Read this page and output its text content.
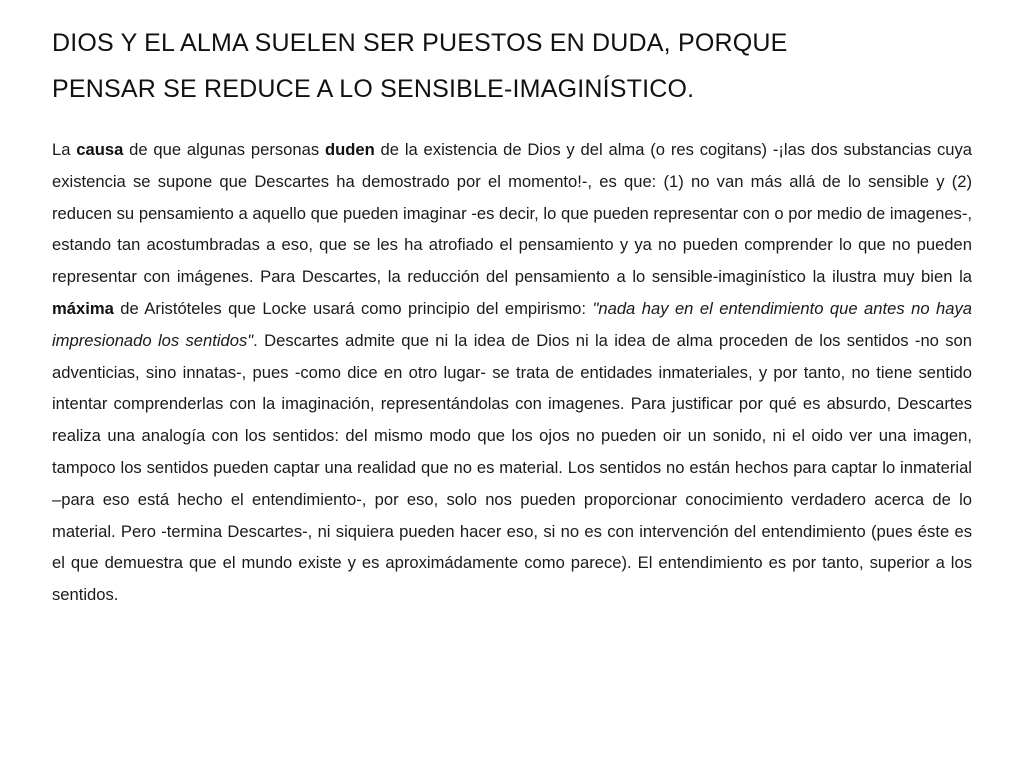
DIOS Y EL ALMA SUELEN SER PUESTOS EN DUDA, PORQUE
PENSAR SE REDUCE A LO SENSIBLE-IMAGINÍSTICO.

La causa de que algunas personas duden de la existencia de Dios y del alma (o res cogitans) -¡las dos substancias cuya existencia se supone que Descartes ha demostrado por el momento!-, es que: (1) no van más allá de lo sensible y (2) reducen su pensamiento a aquello que pueden imaginar -es decir, lo que pueden representar con o por medio de imagenes-, estando tan acostumbradas a eso, que se les ha atrofiado el pensamiento y ya no pueden comprender lo que no pueden representar con imágenes. Para Descartes, la reducción del pensamiento a lo sensible-imaginístico la ilustra muy bien la máxima de Aristóteles que Locke usará como principio del empirismo: "nada hay en el entendimiento que antes no haya impresionado los sentidos". Descartes admite que ni la idea de Dios ni la idea de alma proceden de los sentidos -no son adventicias, sino innatas-, pues -como dice en otro lugar- se trata de entidades inmateriales, y por tanto, no tiene sentido intentar comprenderlas con la imaginación, representándolas con imagenes. Para justificar por qué es absurdo, Descartes realiza una analogía con los sentidos: del mismo modo que los ojos no pueden oir un sonido, ni el oido ver una imagen, tampoco los sentidos pueden captar una realidad que no es material. Los sentidos no están hechos para captar lo inmaterial –para eso está hecho el entendimiento-, por eso, solo nos pueden proporcionar conocimiento verdadero acerca de lo material. Pero -termina Descartes-, ni siquiera pueden hacer eso, si no es con intervención del entendimiento (pues éste es el que demuestra que el mundo existe y es aproximádamente como parece). El entendimiento es por tanto, superior a los sentidos.
